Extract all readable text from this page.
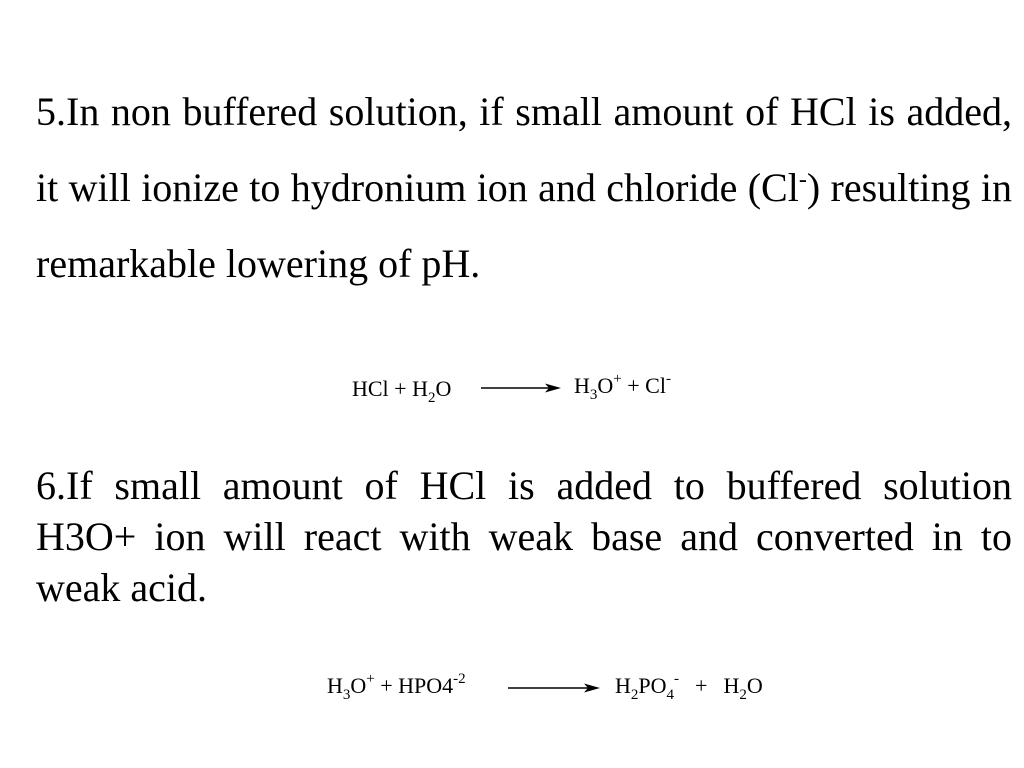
5.In non buffered solution, if small amount of HCl is added, it will ionize to hydronium ion and chloride (Cl-) resulting in remarkable lowering of pH.

HCl + $H_2O$	$H_3O^+ + Cl^-$

6.If small amount of HCl is added to buffered solution H3O+ ion will react with weak base and converted in to weak acid.

$H_3O^+ + HPO4^{-2}$	$H_2PO_4^- + H_2O$
